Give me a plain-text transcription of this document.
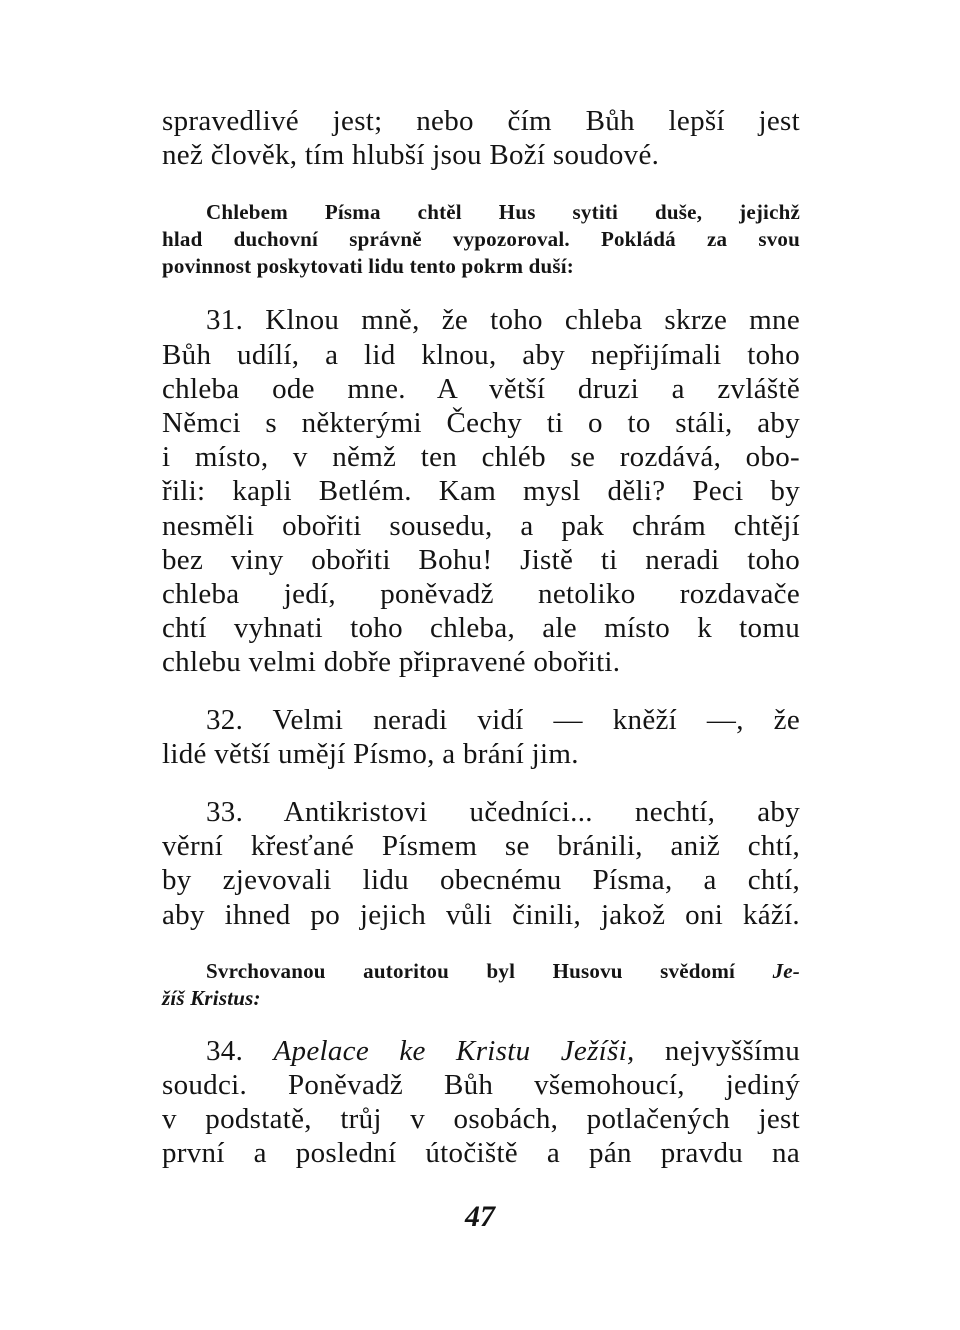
spravedlivé jest; nebo čím Bůh lepší jest
než člověk, tím hlubší jsou Boží soudové.
Chlebem Písma chtěl Hus sytiti duše, jejichž
hlad duchovní správně vypozoroval. Pokládá za svou
povinnost poskytovati lidu tento pokrm duší:
31. Klnou mně, že toho chleba skrze mne
Bůh udílí, a lid klnou, aby nepřijímali toho
chleba ode mne. A větší druzi a zvláště
Němci s některými Čechy ti o to stáli, aby
i místo, v němž ten chléb se rozdává, obo-
řili: kapli Betlém. Kam mysl děli? Peci by
nesměli obořiti sousedu, a pak chrám chtějí
bez viny obořiti Bohu! Jistě ti neradi toho
chleba jedí, poněvadž netoliko rozdavače
chtí vyhnati toho chleba, ale místo k tomu
chlebu velmi dobře připravené obořiti.
32. Velmi neradi vidí — kněží —, že
lidé větší umějí Písmo, a brání jim.
33. Antikristovi učedníci... nechtí, aby
věrní křesťané Písmem se bránili, aniž chtí,
by zjevovali lidu obecnému Písma, a chtí,
aby ihned po jejich vůli činili, jakož oni káží.
Svrchovanou autoritou byl Husovu svědomí Je-
žíš Kristus:
34. Apelace ke Kristu Ježíši, nejvyššímu
soudci. Poněvadž Bůh všemohoucí, jediný
v podstatě, trůj v osobách, potlačených jest
první a poslední útočiště a pán pravdu na
47
